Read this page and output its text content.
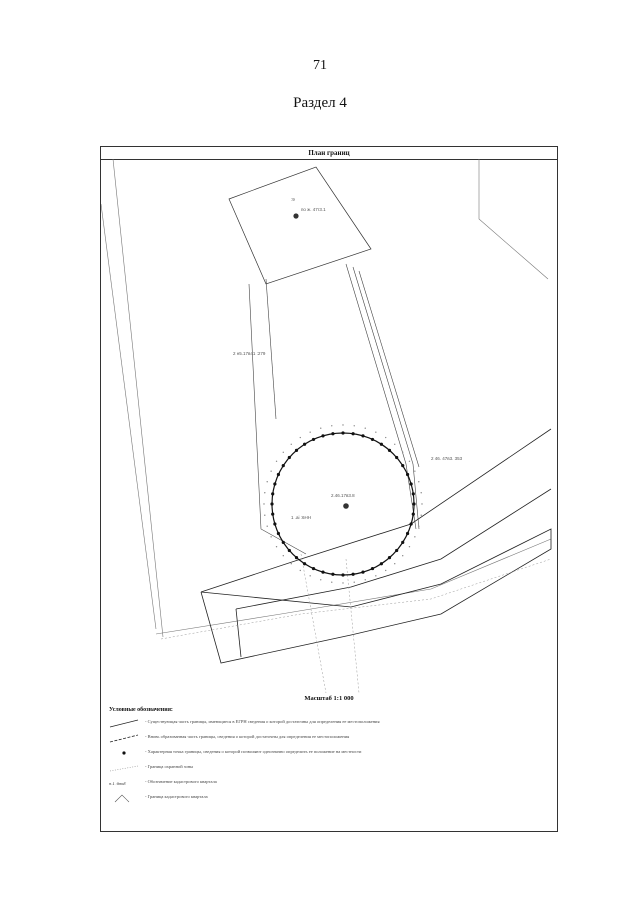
71
Раздел 4
План границ
:9
по ж. 47г3.1
2 н5.17в41 :279
2 46. 47в3. 353
2.46.17в3.8
1 .ai :6НН
Масштаб 1:1 000
Условные обозначения:
- Существующая часть границы, имеющиеся в ЕГРН сведения о которой достаточны для определения ее местоположения
- Вновь образованная часть границы, сведения о которой достаточны для определения ее местоположения
- Характерная точка границы, сведения о которой позволяют однозначно определить ее положение на местности
- Граница охранной зоны
н.1 :9ноЕ	- Обозначение кадастрового квартала
- Граница кадастрового квартала
